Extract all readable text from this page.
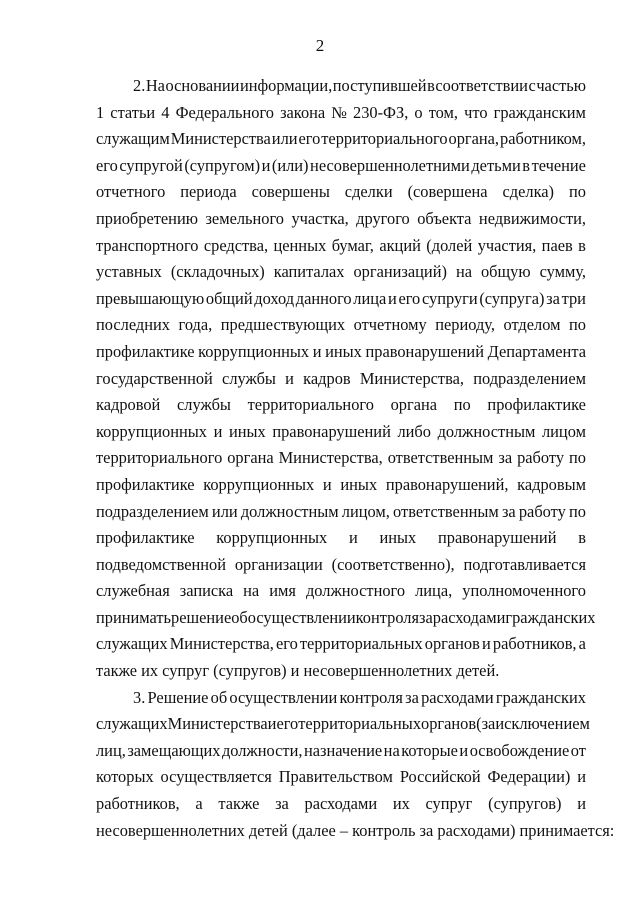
2
2. На основании информации, поступившей в соответствии с частью
1 статьи 4 Федерального закона № 230-ФЗ, о том, что гражданским
служащим Министерства или его территориального органа, работником,
его супругой (супругом) и (или) несовершеннолетними детьми в течение
отчетного периода совершены сделки (совершена сделка) по
приобретению земельного участка, другого объекта недвижимости,
транспортного средства, ценных бумаг, акций (долей участия, паев в
уставных (складочных) капиталах организаций) на общую сумму,
превышающую общий доход данного лица и его супруги (супруга) за три
последних года, предшествующих отчетному периоду, отделом по
профилактике коррупционных и иных правонарушений Департамента
государственной службы и кадров Министерства, подразделением
кадровой службы территориального органа по профилактике
коррупционных и иных правонарушений либо должностным лицом
территориального органа Министерства, ответственным за работу по
профилактике коррупционных и иных правонарушений, кадровым
подразделением или должностным лицом, ответственным за работу по
профилактике коррупционных и иных правонарушений в
подведомственной организации (соответственно), подготавливается
служебная записка на имя должностного лица, уполномоченного
принимать решение об осуществлении контроля за расходами гражданских
служащих Министерства, его территориальных органов и работников, а
также их супруг (супругов) и несовершеннолетних детей.
3. Решение об осуществлении контроля за расходами гражданских
служащих Министерства и его территориальных органов (за исключением
лиц, замещающих должности, назначение на которые и освобождение от
которых осуществляется Правительством Российской Федерации) и
работников, а также за расходами их супруг (супругов) и
несовершеннолетних детей (далее – контроль за расходами) принимается:
